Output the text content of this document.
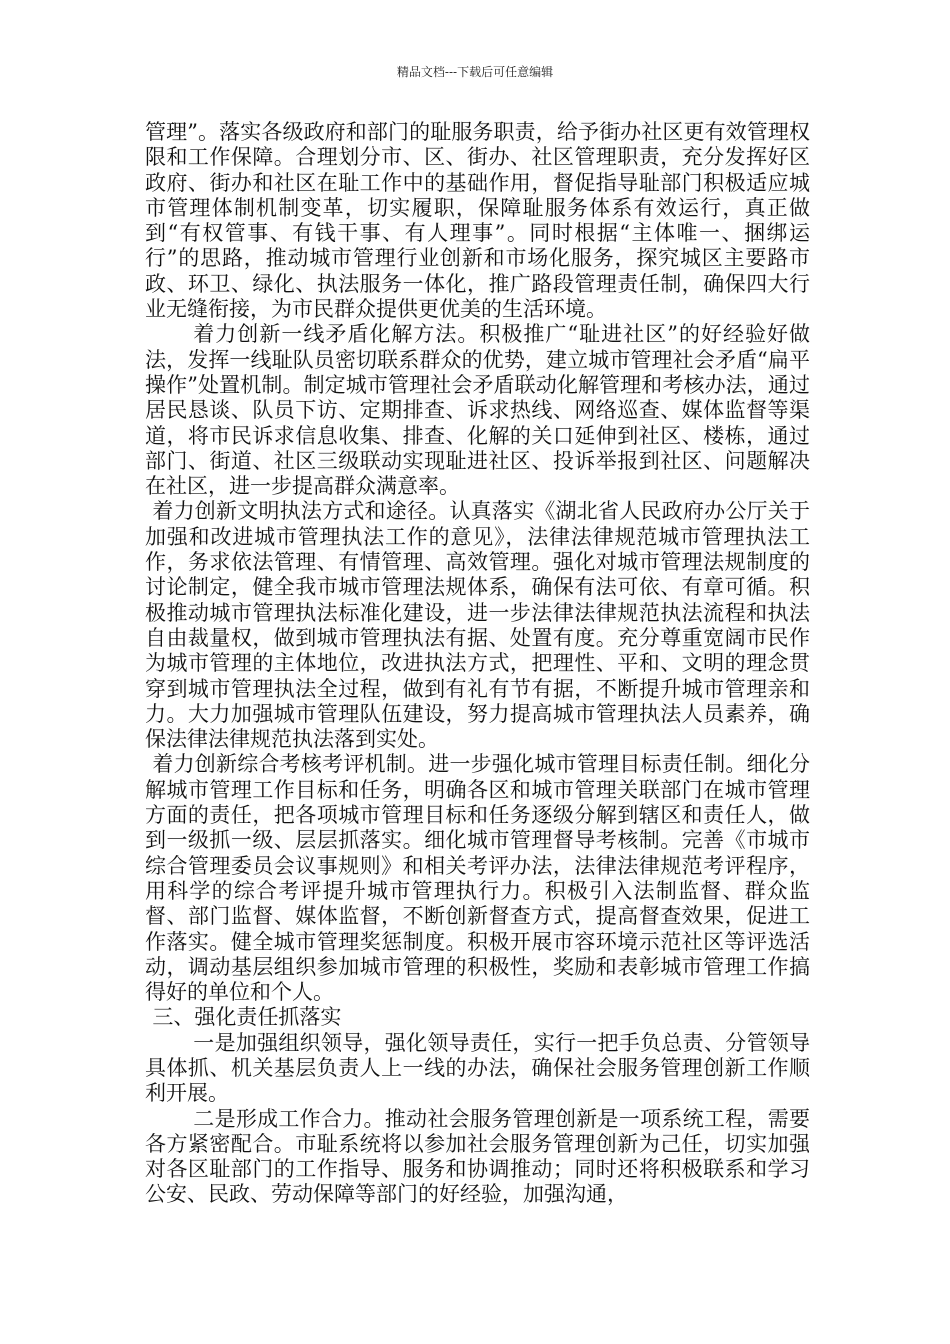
精品文档---下载后可任意编辑

管理”。落实各级政府和部门的耻服务职责，给予街办社区更有效管理权限和工作保障。合理划分市、区、街办、社区管理职责，充分发挥好区政府、街办和社区在耻工作中的基础作用，督促指导耻部门积极适应城市管理体制机制变革，切实履职，保障耻服务体系有效运行，真正做到“有权管事、有钱干事、有人理事”。同时根据“主体唯一、捆绑运行”的思路，推动城市管理行业创新和市场化服务，探究城区主要路市政、环卫、绿化、执法服务一体化，推广路段管理责任制，确保四大行业无缝衔接，为市民群众提供更优美的生活环境。

着力创新一线矛盾化解方法。积极推广“耻进社区”的好经验好做法，发挥一线耻队员密切联系群众的优势，建立城市管理社会矛盾“扁平操作”处置机制。制定城市管理社会矛盾联动化解管理和考核办法，通过居民恳谈、队员下访、定期排查、诉求热线、网络巡查、媒体监督等渠道，将市民诉求信息收集、排查、化解的关口延伸到社区、楼栋，通过部门、街道、社区三级联动实现耻进社区、投诉举报到社区、问题解决在社区，进一步提高群众满意率。

着力创新文明执法方式和途径。认真落实《湖北省人民政府办公厅关于加强和改进城市管理执法工作的意见》，法律法律规范城市管理执法工作，务求依法管理、有情管理、高效管理。强化对城市管理法规制度的讨论制定，健全我市城市管理法规体系，确保有法可依、有章可循。积极推动城市管理执法标准化建设，进一步法律法律规范执法流程和执法自由裁量权，做到城市管理执法有据、处置有度。充分尊重宽阔市民作为城市管理的主体地位，改进执法方式，把理性、平和、文明的理念贯穿到城市管理执法全过程，做到有礼有节有据，不断提升城市管理亲和力。大力加强城市管理队伍建设，努力提高城市管理执法人员素养，确保法律法律规范执法落到实处。

着力创新综合考核考评机制。进一步强化城市管理目标责任制。细化分解城市管理工作目标和任务，明确各区和城市管理关联部门在城市管理方面的责任，把各项城市管理目标和任务逐级分解到辖区和责任人，做到一级抓一级、层层抓落实。细化城市管理督导考核制。完善《市城市综合管理委员会议事规则》和相关考评办法，法律法律规范考评程序，用科学的综合考评提升城市管理执行力。积极引入法制监督、群众监督、部门监督、媒体监督，不断创新督查方式，提高督查效果，促进工作落实。健全城市管理奖惩制度。积极开展市容环境示范社区等评选活动，调动基层组织参加城市管理的积极性，奖励和表彰城市管理工作搞得好的单位和个人。

三、强化责任抓落实

一是加强组织领导，强化领导责任，实行一把手负总责、分管领导具体抓、机关基层负责人上一线的办法，确保社会服务管理创新工作顺利开展。

二是形成工作合力。推动社会服务管理创新是一项系统工程，需要各方紧密配合。市耻系统将以参加社会服务管理创新为己任，切实加强对各区耻部门的工作指导、服务和协调推动；同时还将积极联系和学习公安、民政、劳动保障等部门的好经验，加强沟通，
